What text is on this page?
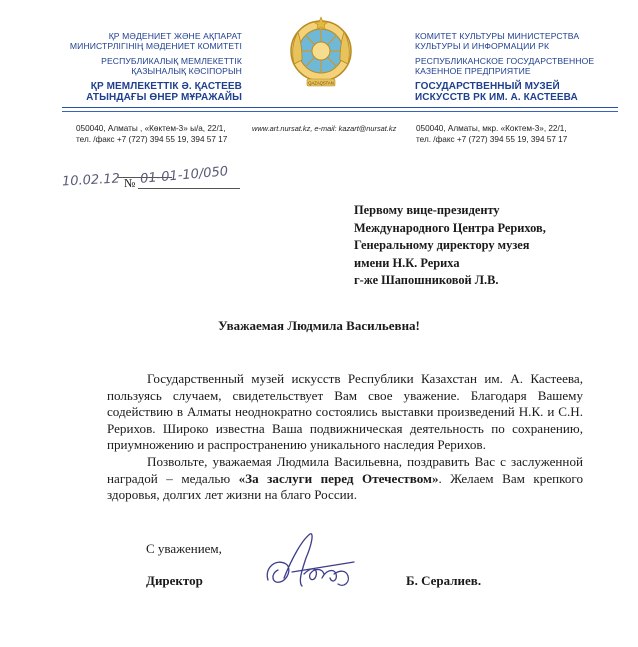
ҚР МӘДЕНИЕТ ЖӘНЕ АҚПАРАТ
МИНИСТРЛІГІНІҢ МӘДЕНИЕТ КОМИТЕТІ
РЕСПУБЛИКАЛЫҚ МЕМЛЕКЕТТІК
ҚАЗЫНАЛЫҚ КӘСІПОРЫН
ҚР МЕМЛЕКЕТТІК Ә. ҚАСТЕЕВ
АТЫНДАҒЫ ӨНЕР МҰРАЖАЙЫ
QAZAQSTAN
КОМИТЕТ КУЛЬТУРЫ МИНИСТЕРСТВА
КУЛЬТУРЫ И ИНФОРМАЦИИ РК
РЕСПУБЛИКАНСКОЕ ГОСУДАРСТВЕННОЕ
КАЗЕННОЕ ПРЕДПРИЯТИЕ
ГОСУДАРСТВЕННЫЙ МУЗЕЙ
ИСКУССТВ РК ИМ. А. КАСТЕЕВА
050040, Алматы , «Көктем-3» ы/а, 22/1,
тел. /факс +7 (727) 394 55 19, 394 57 17
www.art.nursat.kz, e-mail: kazart@nursat.kz 050040, Алматы, мкр. «Коктем-3», 22/1,
тел. /факс +7 (727) 394 55 19, 394 57 17
10.02.12 № 01-01-10/050
Первому вице-президенту
Международного Центра Рерихов,
Генеральному директору музея
имени Н.К. Рериха
г-же Шапошниковой Л.В.
Уважаемая Людмила Васильевна!

Государственный музей искусств Республики Казахстан им. А. Кастеева, пользуясь случаем, свидетельствует Вам свое уважение. Благодаря Вашему содействию в Алматы неоднократно состоялись выставки произведений Н.К. и С.Н. Рерихов. Широко известна Ваша подвижническая деятельность по сохранению, приумножению и распространению уникального наследия Рерихов.

Позвольте, уважаемая Людмила Васильевна, поздравить Вас с заслуженной наградой – медалью «За заслуги перед Отечеством». Желаем Вам крепкого здоровья, долгих лет жизни на благо России.

С уважением,
Директор	Б. Сералиев.
